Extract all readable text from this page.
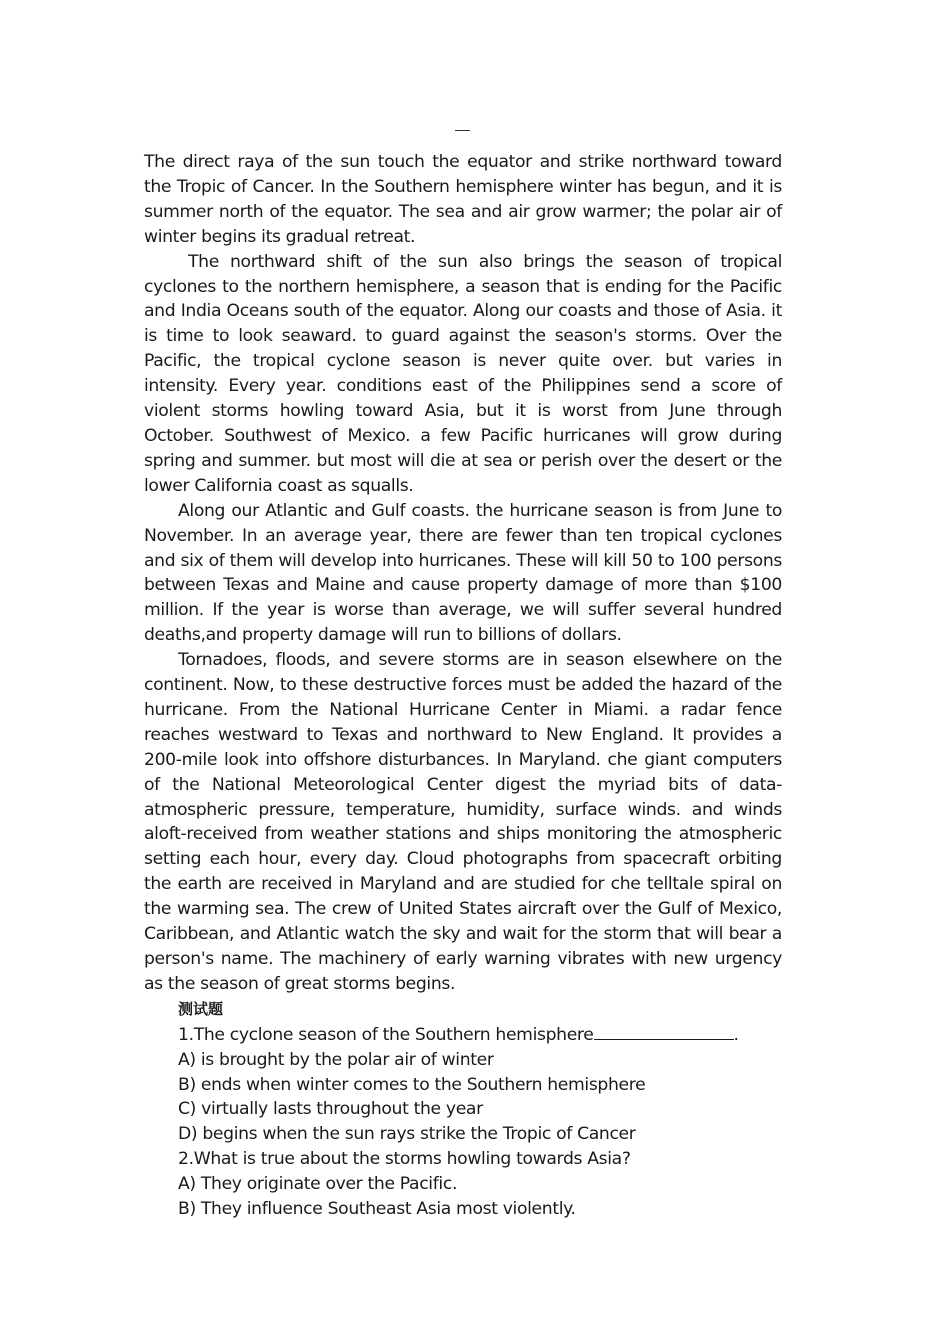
The direct raya of the sun touch the equator and strike northward toward the Tropic of Cancer. In the Southern hemisphere winter has begun, and it is summer north of the equator. The sea and air grow warmer; the polar air of winter begins its gradual retreat.

The northward shift of the sun also brings the season of tropical cyclones to the northern hemisphere, a season that is ending for the Pacific and India Oceans south of the equator. Along our coasts and those of Asia. it is time to look seaward. to guard against the season's storms. Over the Pacific, the tropical cyclone season is never quite over. but varies in intensity. Every year. conditions east of the Philippines send a score of violent storms howling toward Asia, but it is worst from June through October. Southwest of Mexico. a few Pacific hurricanes will grow during spring and summer. but most will die at sea or perish over the desert or the lower California coast as squalls.

Along our Atlantic and Gulf coasts. the hurricane season is from June to November. In an average year, there are fewer than ten tropical cyclones and six of them will develop into hurricanes. These will kill 50 to 100 persons between Texas and Maine and cause property damage of more than $100 million. If the year is worse than average, we will suffer several hundred deaths,and property damage will run to billions of dollars.

Tornadoes, floods, and severe storms are in season elsewhere on the continent. Now, to these destructive forces must be added the hazard of the hurricane. From the National Hurricane Center in Miami. a radar fence reaches westward to Texas and northward to New England. It provides a 200-mile look into offshore disturbances. In Maryland. che giant computers of the National Meteorological Center digest the myriad bits of data-atmospheric pressure, temperature, humidity, surface winds. and winds aloft-received from weather stations and ships monitoring the atmospheric setting each hour, every day. Cloud photographs from spacecraft orbiting the earth are received in Maryland and are studied for che telltale spiral on the warming sea. The crew of United States aircraft over the Gulf of Mexico, Caribbean, and Atlantic watch the sky and wait for the storm that will bear a person's name. The machinery of early warning vibrates with new urgency as the season of great storms begins.

测试题

1.The cyclone season of the Southern hemisphere	.

A) is brought by the polar air of winter

B) ends when winter comes to the Southern hemisphere

C) virtually lasts throughout the year

D) begins when the sun rays strike the Tropic of Cancer

2.What is true about the storms howling towards Asia?

A) They originate over the Pacific.

B) They influence Southeast Asia most violently.
